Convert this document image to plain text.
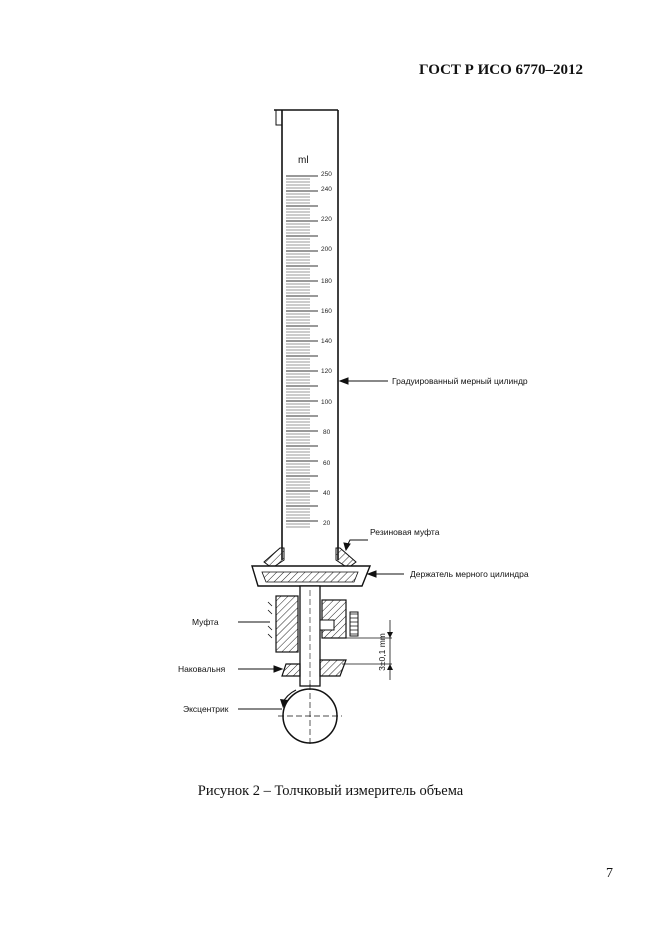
ГОСТ Р ИСО 6770–2012
ml
250
240
220
200
180
160
140
120
100
80
60
40
20
3±0,1 mm
Градуированный мерный цилиндр
Резиновая муфта
Держатель мерного цилиндра
Муфта
Наковальня
Эксцентрик
Рисунок 2 – Толчковый измеритель объема
7
